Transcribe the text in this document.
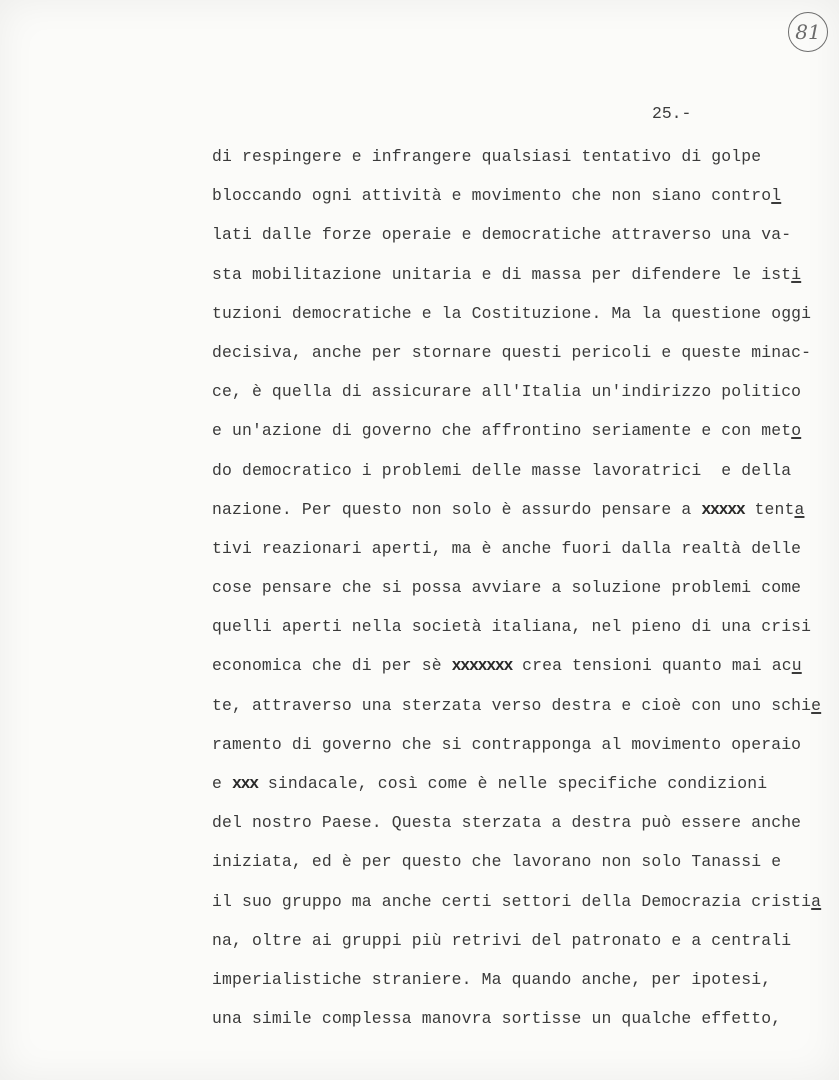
81
25.-
di respingere e infrangere qualsiasi tentativo di golpe
bloccando ogni attività e movimento che non siano control
lati dalle forze operaie e democratiche attraverso una va-
sta mobilitazione unitaria e di massa per difendere le isti
tuzioni democratiche e la Costituzione. Ma la questione oggi
decisiva, anche per stornare questi pericoli e queste minac-
ce, è quella di assicurare all'Italia un'indirizzo politico
e un'azione di governo che affrontino seriamente e con meto
do democratico i problemi delle masse lavoratrici  e della
nazione. Per questo non solo è assurdo pensare a xxxxx tenta
tivi reazionari aperti, ma è anche fuori dalla realtà delle
cose pensare che si possa avviare a soluzione problemi come
quelli aperti nella società italiana, nel pieno di una crisi
economica che di per sè xxxxxxx crea tensioni quanto mai acu
te, attraverso una sterzata verso destra e cioè con uno schie
ramento di governo che si contrapponga al movimento operaio
e xxx sindacale, così come è nelle specifiche condizioni
del nostro Paese. Questa sterzata a destra può essere anche
iniziata, ed è per questo che lavorano non solo Tanassi e
il suo gruppo ma anche certi settori della Democrazia cristia
na, oltre ai gruppi più retrivi del patronato e a centrali
imperialistiche straniere. Ma quando anche, per ipotesi,
una simile complessa manovra sortisse un qualche effetto,
